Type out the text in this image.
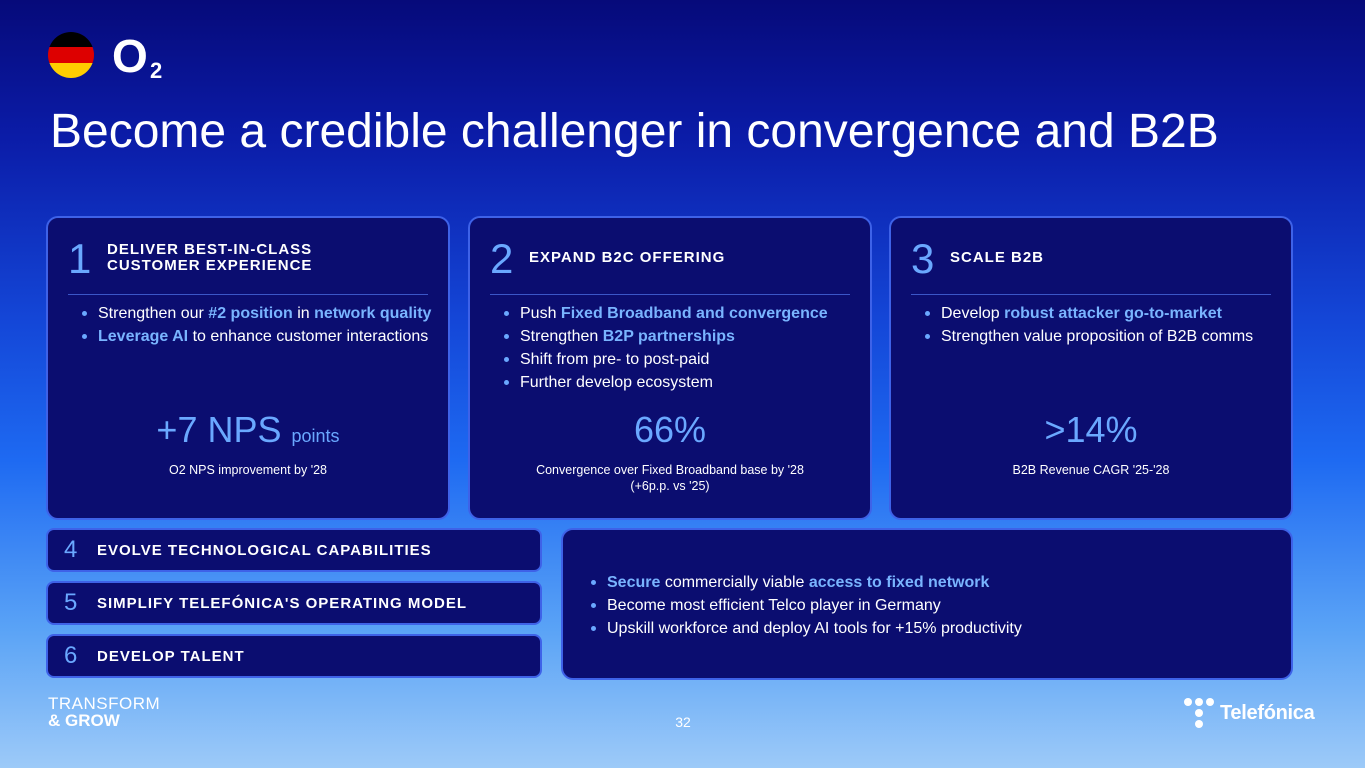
O 2
Become a credible challenger in convergence and B2B
1 DELIVER BEST-IN-CLASS
CUSTOMER EXPERIENCE
Strengthen our #2 position in network quality
Leverage AI to enhance customer interactions
+7 NPS points
O2 NPS improvement by '28
2 EXPAND B2C OFFERING
Push Fixed Broadband and convergence
Strengthen B2P partnerships
Shift from pre- to post-paid
Further develop ecosystem
66%
Convergence over Fixed Broadband base by '28
(+6p.p. vs '25)
3 SCALE B2B
Develop robust attacker go-to-market
Strengthen value proposition of B2B comms
>14%
B2B Revenue CAGR '25-'28
4 EVOLVE TECHNOLOGICAL CAPABILITIES
5 SIMPLIFY TELEFÓNICA'S OPERATING MODEL
6 DEVELOP TALENT
Secure commercially viable access to fixed network
Become most efficient Telco player in Germany
Upskill workforce and deploy AI tools for +15% productivity
TRANSFORM
& GROW	32	Telefónica
